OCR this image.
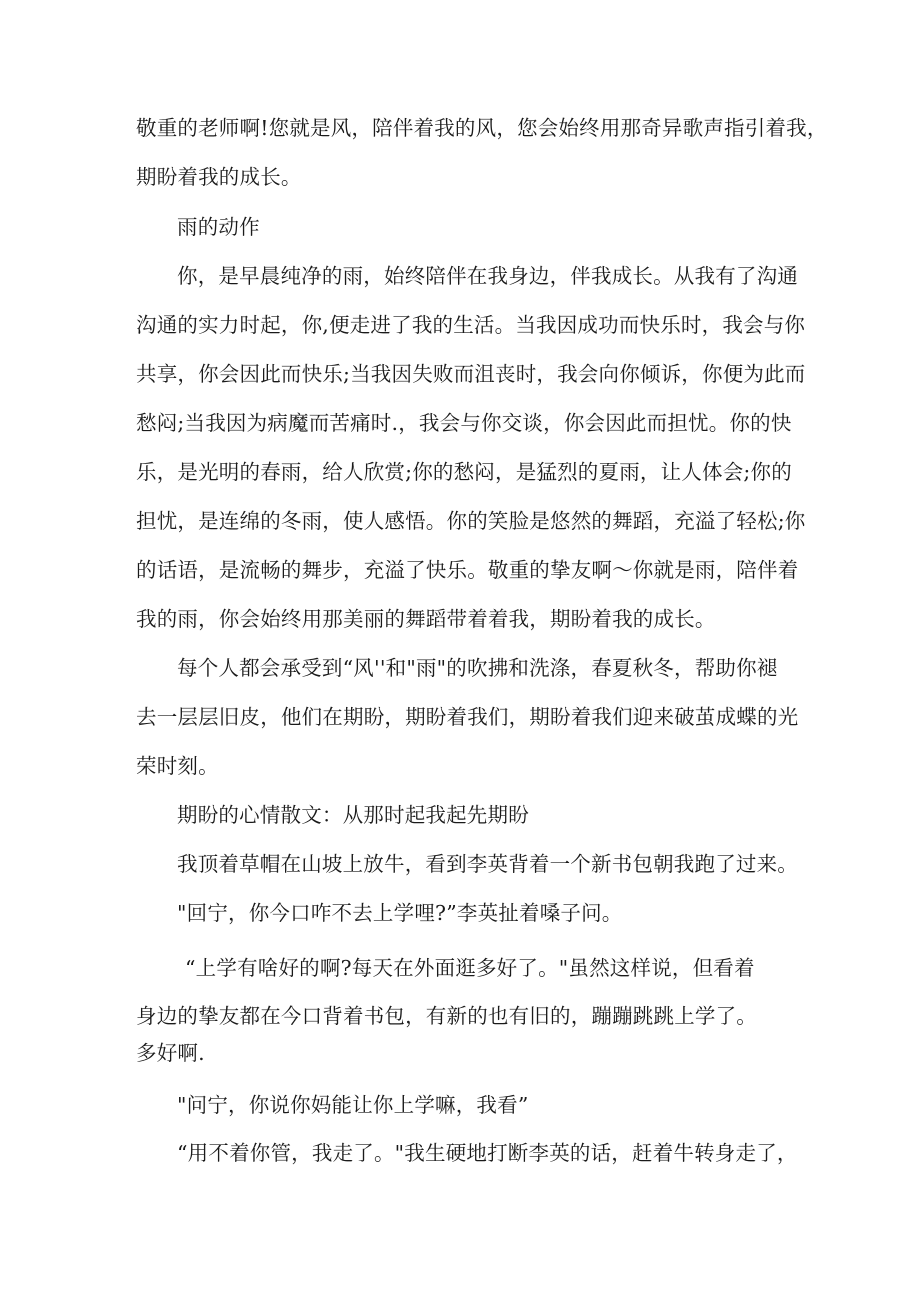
敬重的老师啊!您就是风，陪伴着我的风，您会始终用那奇异歌声指引着我，
期盼着我的成长。
雨的动作
你，是早晨纯净的雨，始终陪伴在我身边，伴我成长。从我有了沟通
沟通的实力时起，你,便走进了我的生活。当我因成功而快乐时，我会与你
共享，你会因此而快乐;当我因失败而沮丧时，我会向你倾诉，你便为此而
愁闷;当我因为病魔而苦痛时.，我会与你交谈，你会因此而担忧。你的快
乐，是光明的春雨，给人欣赏;你的愁闷，是猛烈的夏雨，让人体会;你的
担忧，是连绵的冬雨，使人感悟。你的笑脸是悠然的舞蹈，充溢了轻松;你
的话语，是流畅的舞步，充溢了快乐。敬重的挚友啊～你就是雨，陪伴着
我的雨，你会始终用那美丽的舞蹈带着着我，期盼着我的成长。
每个人都会承受到“风''和"雨"的吹拂和洗涤，春夏秋冬，帮助你褪
去一层层旧皮，他们在期盼，期盼着我们，期盼着我们迎来破茧成蝶的光
荣时刻。
期盼的心情散文：从那时起我起先期盼
我顶着草帽在山坡上放牛，看到李英背着一个新书包朝我跑了过来。
"回宁，你今口咋不去上学哩?”李英扯着嗓子问。
“上学有啥好的啊?每天在外面逛多好了。"虽然这样说，但看着
身边的挚友都在今口背着书包，有新的也有旧的，蹦蹦跳跳上学了。
多好啊.
"问宁，你说你妈能让你上学嘛，我看”
“用不着你管，我走了。"我生硬地打断李英的话，赶着牛转身走了，
